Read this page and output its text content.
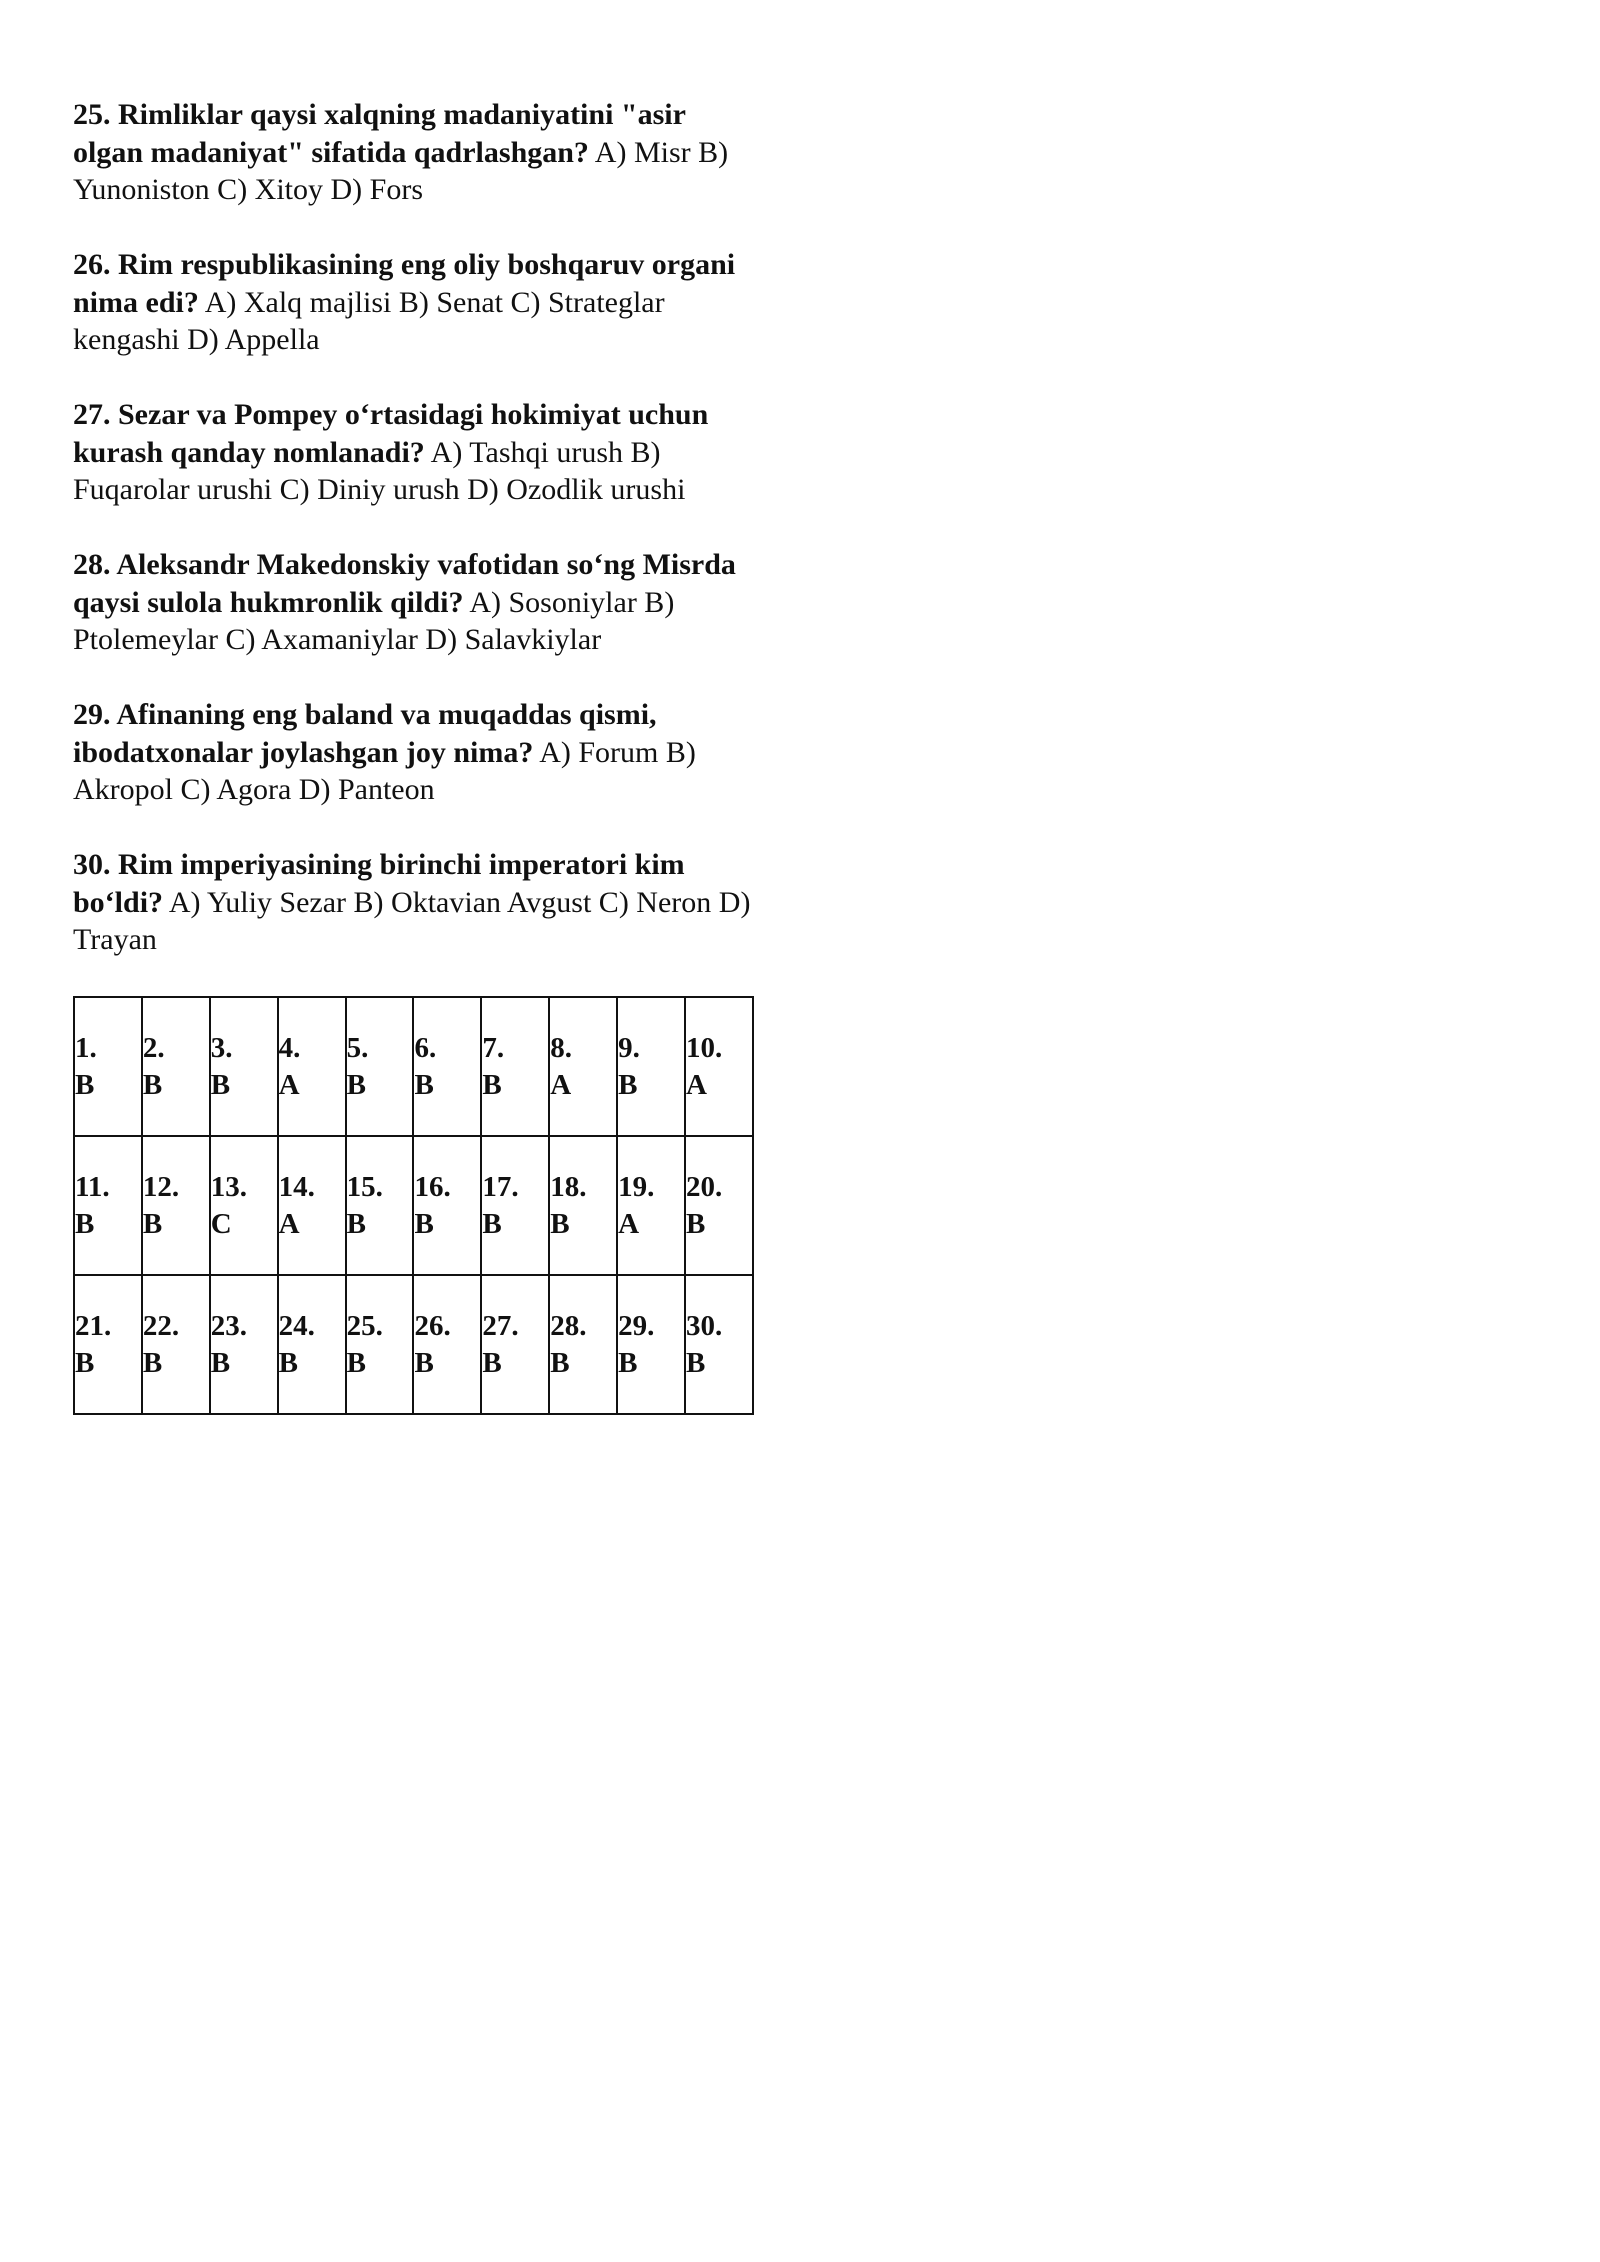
25. Rimliklar qaysi xalqning madaniyatini "asir olgan madaniyat" sifatida qadrlashgan? A) Misr B) Yunoniston C) Xitoy D) Fors

26. Rim respublikasining eng oliy boshqaruv organi nima edi? A) Xalq majlisi B) Senat C) Strateglar kengashi D) Appella

27. Sezar va Pompey o‘rtasidagi hokimiyat uchun kurash qanday nomlanadi? A) Tashqi urush B) Fuqarolar urushi C) Diniy urush D) Ozodlik urushi

28. Aleksandr Makedonskiy vafotidan so‘ng Misrda qaysi sulola hukmronlik qildi? A) Sosoniylar B) Ptolemeylar C) Axamaniylar D) Salavkiylar

29. Afinaning eng baland va muqaddas qismi, ibodatxonalar joylashgan joy nima? A) Forum B) Akropol C) Agora D) Panteon

30. Rim imperiyasining birinchi imperatori kim bo‘ldi? A) Yuliy Sezar B) Oktavian Avgust C) Neron D) Trayan

1.
B	2.
B	3.
B	4.
A	5.
B	6.
B	7.
B	8.
A	9.
B	10.
A

11.
B	12.
B	13.
C	14.
A	15.
B	16.
B	17.
B	18.
B	19.
A	20.
B

21.
B	22.
B	23.
B	24.
B	25.
B	26.
B	27.
B	28.
B	29.
B	30.
B
